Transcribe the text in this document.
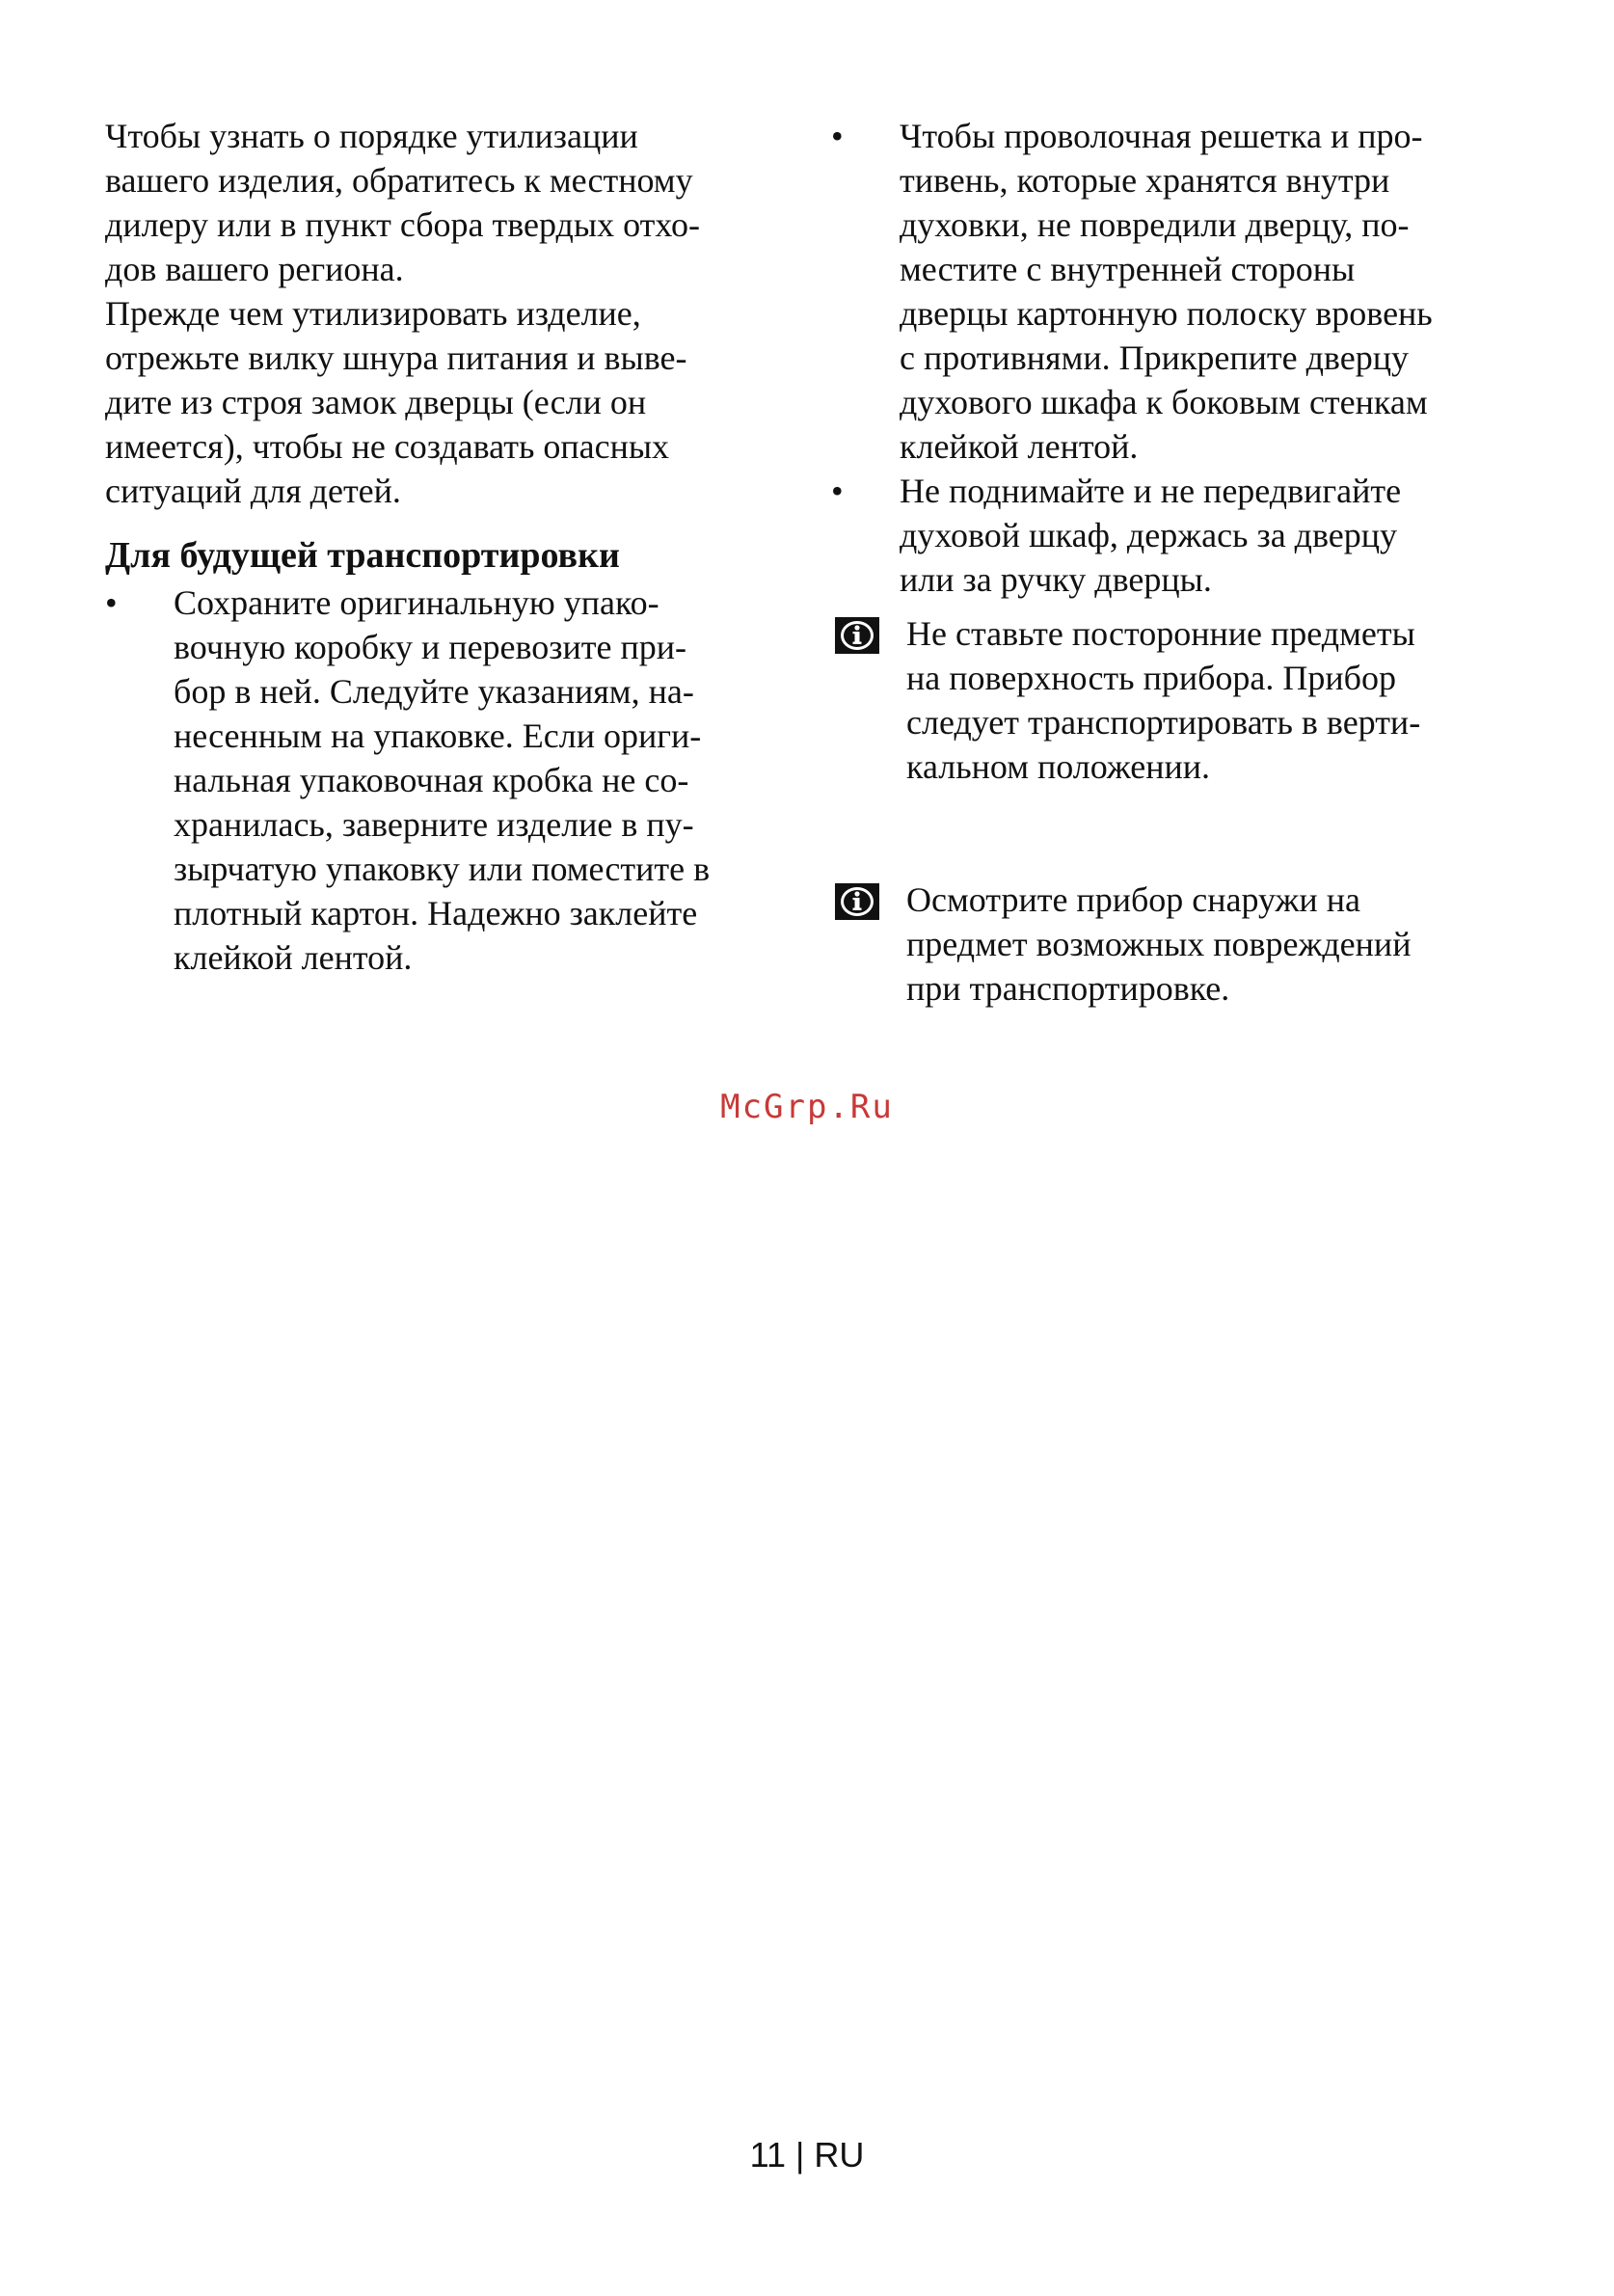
Чтобы узнать о порядке утилизации
вашего изделия, обратитесь к местному
дилеру или в пункт сбора твердых отхо-
дов вашего региона.
Прежде чем утилизировать изделие,
отрежьте вилку шнура питания и выве-
дите из строя замок дверцы (если он
имеется), чтобы не создавать опасных
ситуаций для детей.
Для будущей транспортировки
• Сохраните оригинальную упако-
вочную коробку и перевозите при-
бор в ней. Следуйте указаниям, на-
несенным на упаковке. Если ориги-
нальная упаковочная кробка не со-
хранилась, заверните изделие в пу-
зырчатую упаковку или поместите в
плотный картон. Надежно заклейте
клейкой лентой.
• Чтобы проволочная решетка и про-
тивень, которые хранятся внутри
духовки, не повредили дверцу, по-
местите с внутренней стороны
дверцы картонную полоску вровень
с противнями. Прикрепите дверцу
духового шкафа к боковым стенкам
клейкой лентой.
• Не поднимайте и не передвигайте
духовой шкаф, держась за дверцу
или за ручку дверцы.
Не ставьте посторонние предметы
на поверхность прибора. Прибор
следует транспортировать в верти-
кальном положении.
Осмотрите прибор снаружи на
предмет возможных повреждений
при транспортировке.
McGrp.Ru
11 | RU
